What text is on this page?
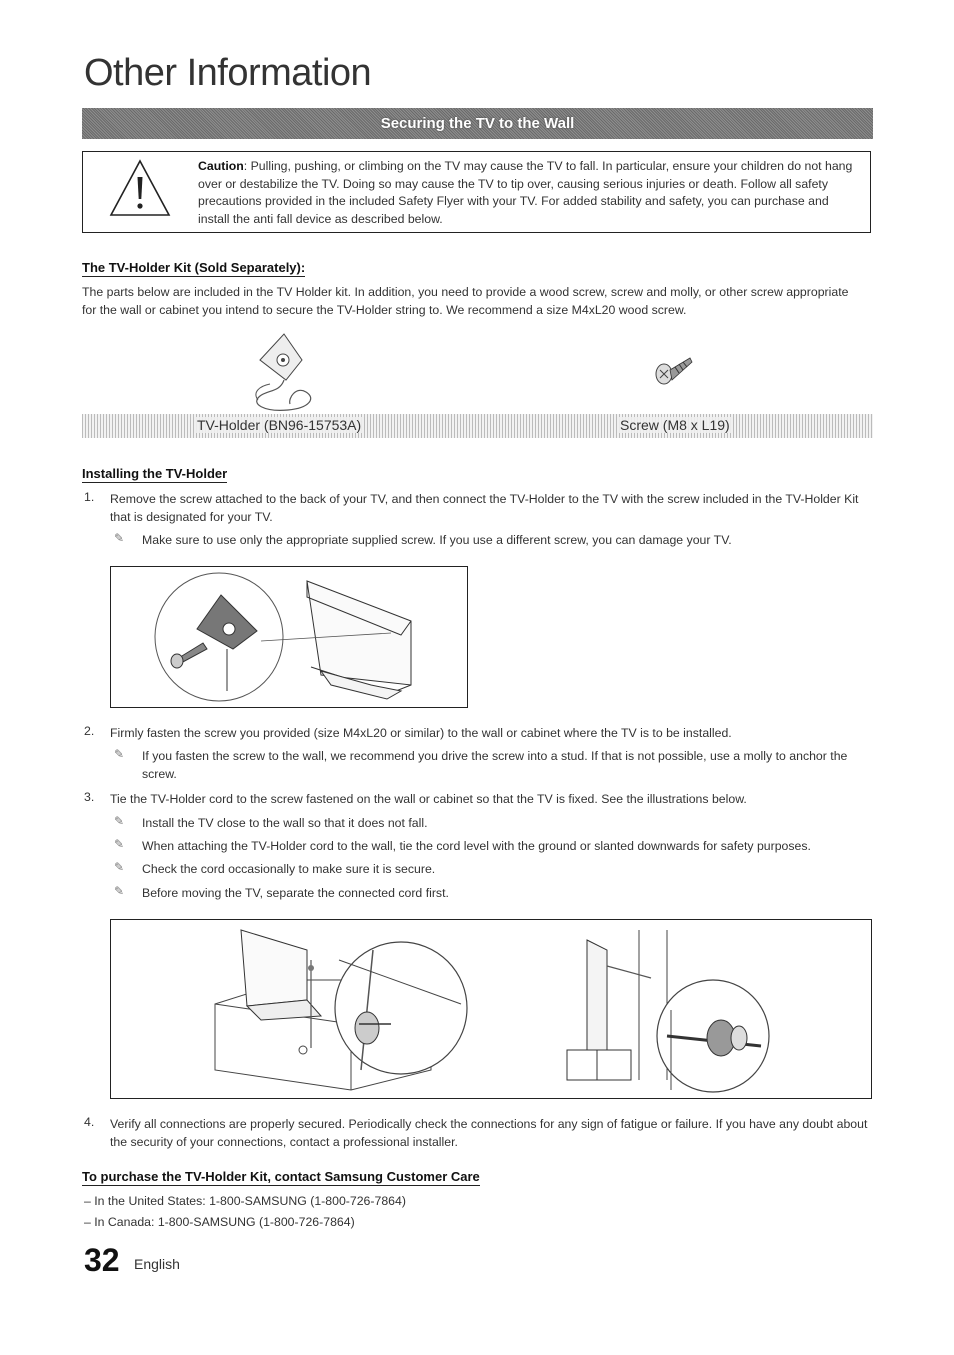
Other Information
Securing the TV to the Wall
Caution: Pulling, pushing, or climbing on the TV may cause the TV to fall. In particular, ensure your children do not hang over or destabilize the TV. Doing so may cause the TV to tip over, causing serious injuries or death. Follow all safety precautions provided in the included Safety Flyer with your TV. For added stability and safety, you can purchase and install the anti fall device as described below.
The TV-Holder Kit (Sold Separately):
The parts below are included in the TV Holder kit. In addition, you need to provide a wood screw, screw and molly, or other screw appropriate for the wall or cabinet you intend to secure the TV-Holder string to. We recommend a size M4xL20 wood screw.
TV-Holder (BN96-15753A)	Screw (M8 x L19)
Installing the TV-Holder
1. Remove the screw attached to the back of your TV, and then connect the TV-Holder to the TV with the screw included in the TV-Holder Kit that is designated for your TV.
✎ Make sure to use only the appropriate supplied screw. If you use a different screw, you can damage your TV.
2. Firmly fasten the screw you provided (size M4xL20 or similar) to the wall or cabinet where the TV is to be installed.
✎ If you fasten the screw to the wall, we recommend you drive the screw into a stud. If that is not possible, use a molly to anchor the screw.
3. Tie the TV-Holder cord to the screw fastened on the wall or cabinet so that the TV is fixed. See the illustrations below.
✎ Install the TV close to the wall so that it does not fall.
✎ When attaching the TV-Holder cord to the wall, tie the cord level with the ground or slanted downwards for safety purposes.
✎ Check the cord occasionally to make sure it is secure.
✎ Before moving the TV, separate the connected cord first.
4. Verify all connections are properly secured. Periodically check the connections for any sign of fatigue or failure. If you have any doubt about the security of your connections, contact a professional installer.
To purchase the TV-Holder Kit, contact Samsung Customer Care
– In the United States: 1-800-SAMSUNG (1-800-726-7864)
– In Canada: 1-800-SAMSUNG (1-800-726-7864)
32 English
